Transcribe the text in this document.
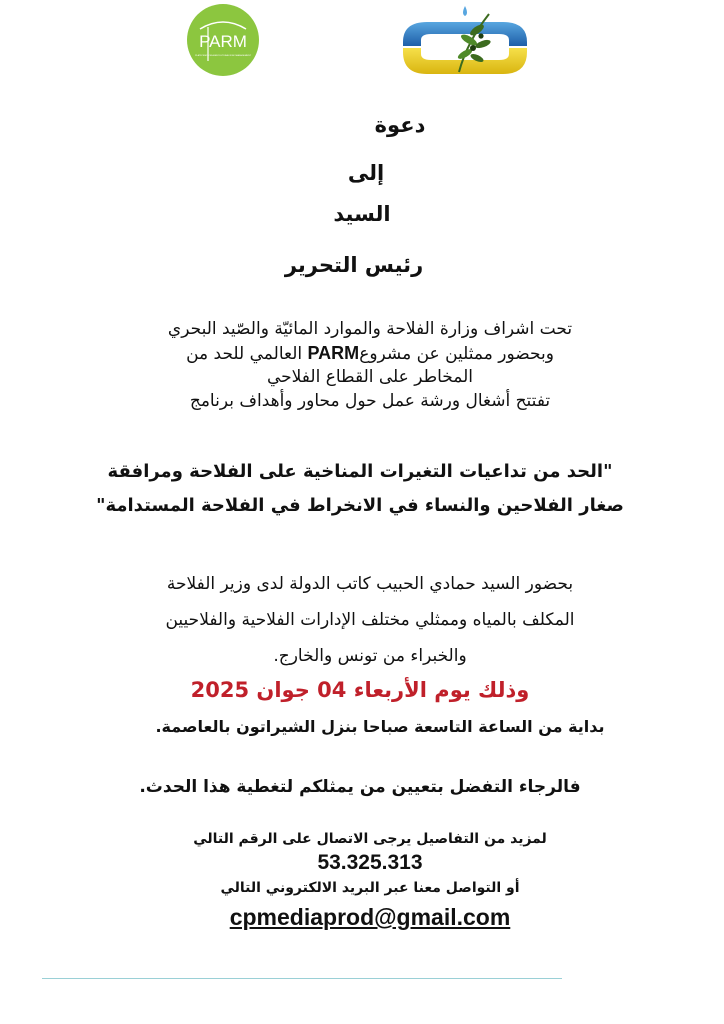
PARM
PLATFORM FOR AGRICULTURAL RISK MANAGEMENT
دعوة
إلى
السيد
رئيس التحرير
تحت اشراف وزارة الفلاحة والموارد المائيّة والصّيد البحري
وبحضور ممثلين عن مشروعPARM العالمي للحد من
المخاطر على القطاع الفلاحي
تفتتح أشغال ورشة عمل حول محاور وأهداف برنامج
"الحد من تداعيات التغيرات المناخية على الفلاحة ومرافقة
صغار الفلاحين والنساء في الانخراط في الفلاحة المستدامة"
بحضور السيد حمادي الحبيب كاتب الدولة لدى وزير الفلاحة
المكلف بالمياه وممثلي مختلف الإدارات الفلاحية والفلاحيين
والخبراء من تونس والخارج.
وذلك يوم الأربعاء 04 جوان 2025
بداية من الساعة التاسعة صباحا بنزل الشيراتون بالعاصمة.
فالرجاء التفضل بتعيين من يمثلكم لتغطية هذا الحدث.
لمزيد من التفاصيل يرجى الاتصال على الرقم التالي
53.325.313
أو التواصل معنا عبر البريد الالكتروني التالي
cpmediaprod@gmail.com
